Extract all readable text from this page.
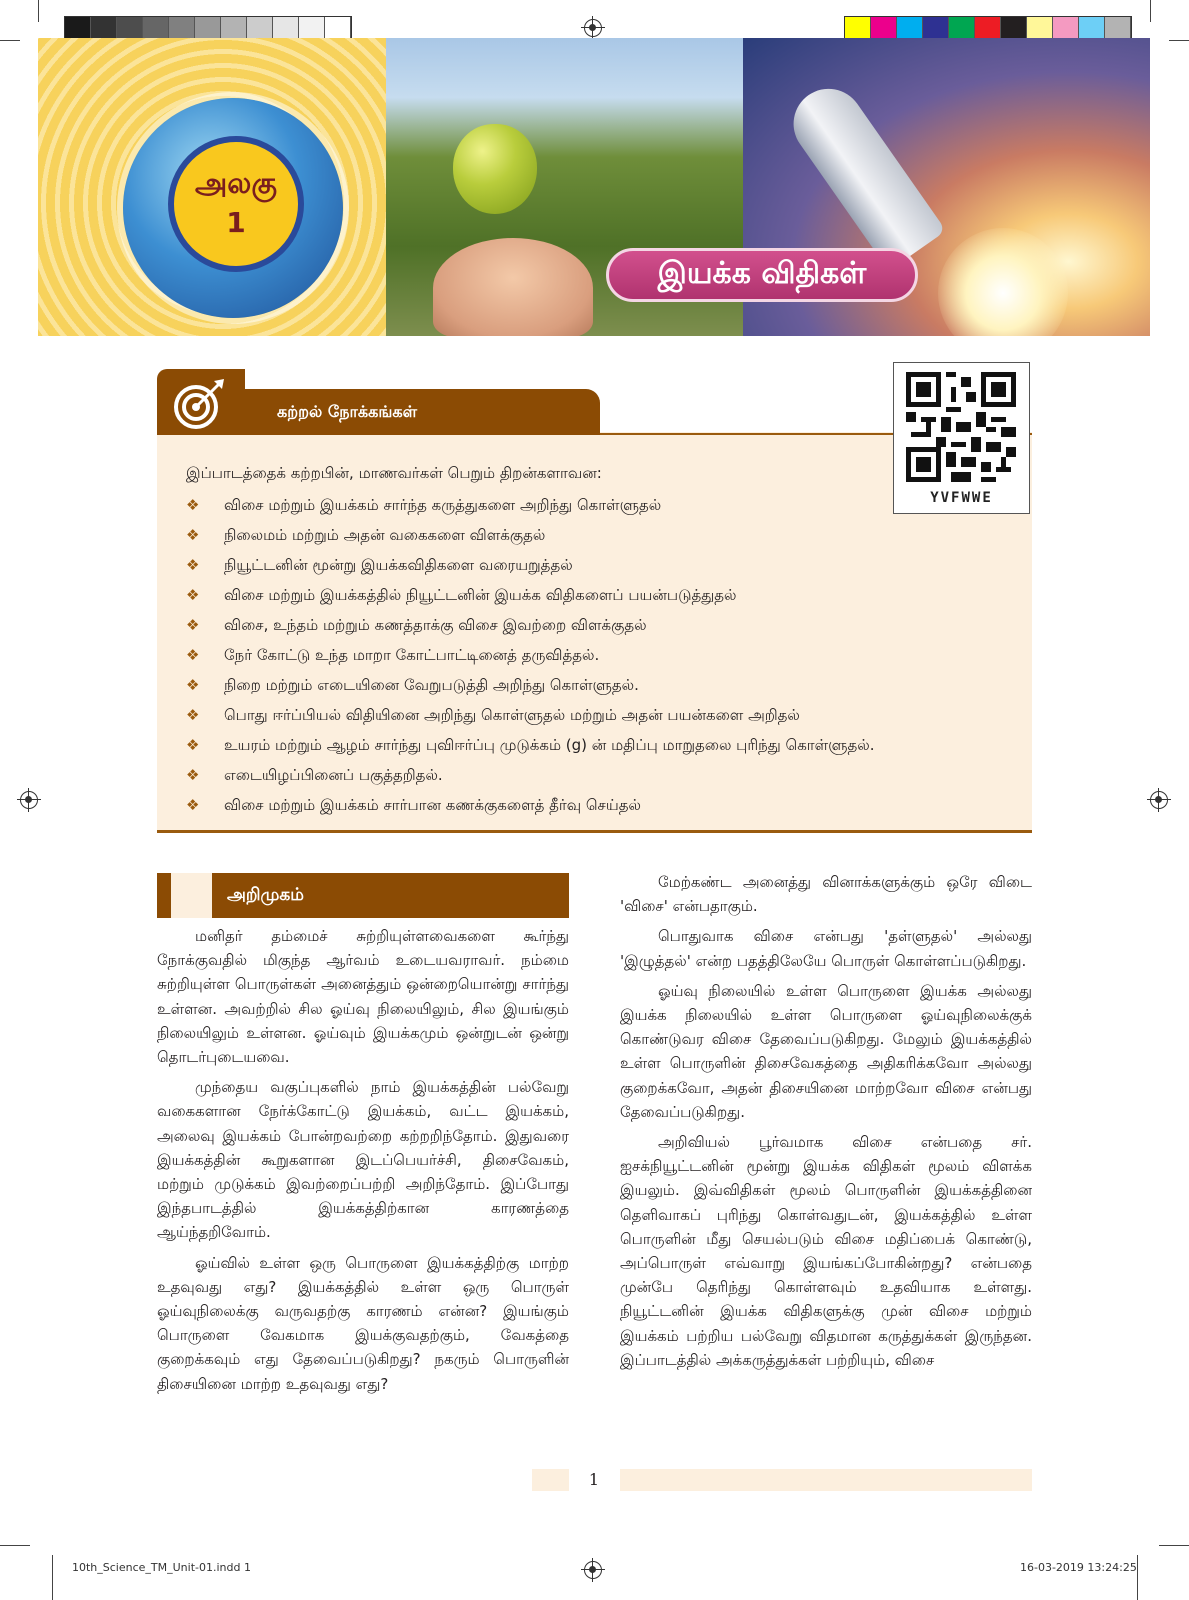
அலகு
1
இயக்க விதிகள்
கற்றல் நோக்கங்கள்
YVFWWE
இப்பாடத்தைக் கற்றபின், மாணவர்கள் பெறும் திறன்களாவன:
❖ விசை மற்றும் இயக்கம் சார்ந்த கருத்துகளை அறிந்து கொள்ளுதல்
❖ நிலைமம் மற்றும் அதன் வகைகளை விளக்குதல்
❖ நியூட்டனின் மூன்று இயக்கவிதிகளை வரையறுத்தல்
❖ விசை மற்றும் இயக்கத்தில் நியூட்டனின் இயக்க விதிகளைப் பயன்படுத்துதல்
❖ விசை, உந்தம் மற்றும் கணத்தாக்கு விசை இவற்றை விளக்குதல்
❖ நேர் கோட்டு உந்த மாறா கோட்பாட்டினைத் தருவித்தல்.
❖ நிறை மற்றும் எடையினை வேறுபடுத்தி அறிந்து கொள்ளுதல்.
❖ பொது ஈர்ப்பியல் விதியினை அறிந்து கொள்ளுதல் மற்றும் அதன் பயன்களை அறிதல்
❖ உயரம் மற்றும் ஆழம் சார்ந்து புவிஈர்ப்பு முடுக்கம் (g) ன் மதிப்பு மாறுதலை புரிந்து கொள்ளுதல்.
❖ எடையிழப்பினைப் பகுத்தறிதல்.
❖ விசை மற்றும் இயக்கம் சார்பான கணக்குகளைத் தீர்வு செய்தல்
அறிமுகம்

மனிதர் தம்மைச் சுற்றியுள்ளவைகளை கூர்ந்து நோக்குவதில் மிகுந்த ஆர்வம் உடையவராவர். நம்மை சுற்றியுள்ள பொருள்கள் அனைத்தும் ஒன்றையொன்று சார்ந்து உள்ளன. அவற்றில் சில ஓய்வு நிலையிலும், சில இயங்கும் நிலையிலும் உள்ளன. ஓய்வும் இயக்கமும் ஒன்றுடன் ஒன்று தொடர்புடையவை.

முந்தைய வகுப்புகளில் நாம் இயக்கத்தின் பல்வேறு வகைகளான நேர்க்கோட்டு இயக்கம், வட்ட இயக்கம், அலைவு இயக்கம் போன்றவற்றை கற்றறிந்தோம். இதுவரை இயக்கத்தின் கூறுகளான இடப்பெயர்ச்சி, திசைவேகம், மற்றும் முடுக்கம் இவற்றைப்பற்றி அறிந்தோம். இப்போது இந்தபாடத்தில் இயக்கத்திற்கான காரணத்தை ஆய்ந்தறிவோம்.

ஓய்வில் உள்ள ஒரு பொருளை இயக்கத்திற்கு மாற்ற உதவுவது எது? இயக்கத்தில் உள்ள ஒரு பொருள் ஓய்வுநிலைக்கு வருவதற்கு காரணம் என்ன? இயங்கும் பொருளை வேகமாக இயக்குவதற்கும், வேகத்தை குறைக்கவும் எது தேவைப்படுகிறது? நகரும் பொருளின் திசையினை மாற்ற உதவுவது எது?

மேற்கண்ட அனைத்து வினாக்களுக்கும் ஒரே விடை 'விசை' என்பதாகும்.

பொதுவாக விசை என்பது 'தள்ளுதல்' அல்லது 'இழுத்தல்' என்ற பதத்திலேயே பொருள் கொள்ளப்படுகிறது.

ஓய்வு நிலையில் உள்ள பொருளை இயக்க அல்லது இயக்க நிலையில் உள்ள பொருளை ஓய்வுநிலைக்குக் கொண்டுவர விசை தேவைப்படுகிறது. மேலும் இயக்கத்தில் உள்ள பொருளின் திசைவேகத்தை அதிகரிக்கவோ அல்லது குறைக்கவோ, அதன் திசையினை மாற்றவோ விசை என்பது தேவைப்படுகிறது.

அறிவியல் பூர்வமாக விசை என்பதை சர். ஐசக்நியூட்டனின் மூன்று இயக்க விதிகள் மூலம் விளக்க இயலும். இவ்விதிகள் மூலம் பொருளின் இயக்கத்தினை தெளிவாகப் புரிந்து கொள்வதுடன், இயக்கத்தில் உள்ள பொருளின் மீது செயல்படும் விசை மதிப்பைக் கொண்டு, அப்பொருள் எவ்வாறு இயங்கப்போகின்றது? என்பதை முன்பே தெரிந்து கொள்ளவும் உதவியாக உள்ளது. நியூட்டனின் இயக்க விதிகளுக்கு முன் விசை மற்றும் இயக்கம் பற்றிய பல்வேறு விதமான கருத்துக்கள் இருந்தன. இப்பாடத்தில் அக்கருத்துக்கள் பற்றியும், விசை

1
10th_Science_TM_Unit-01.indd 1	16-03-2019 13:24:25
